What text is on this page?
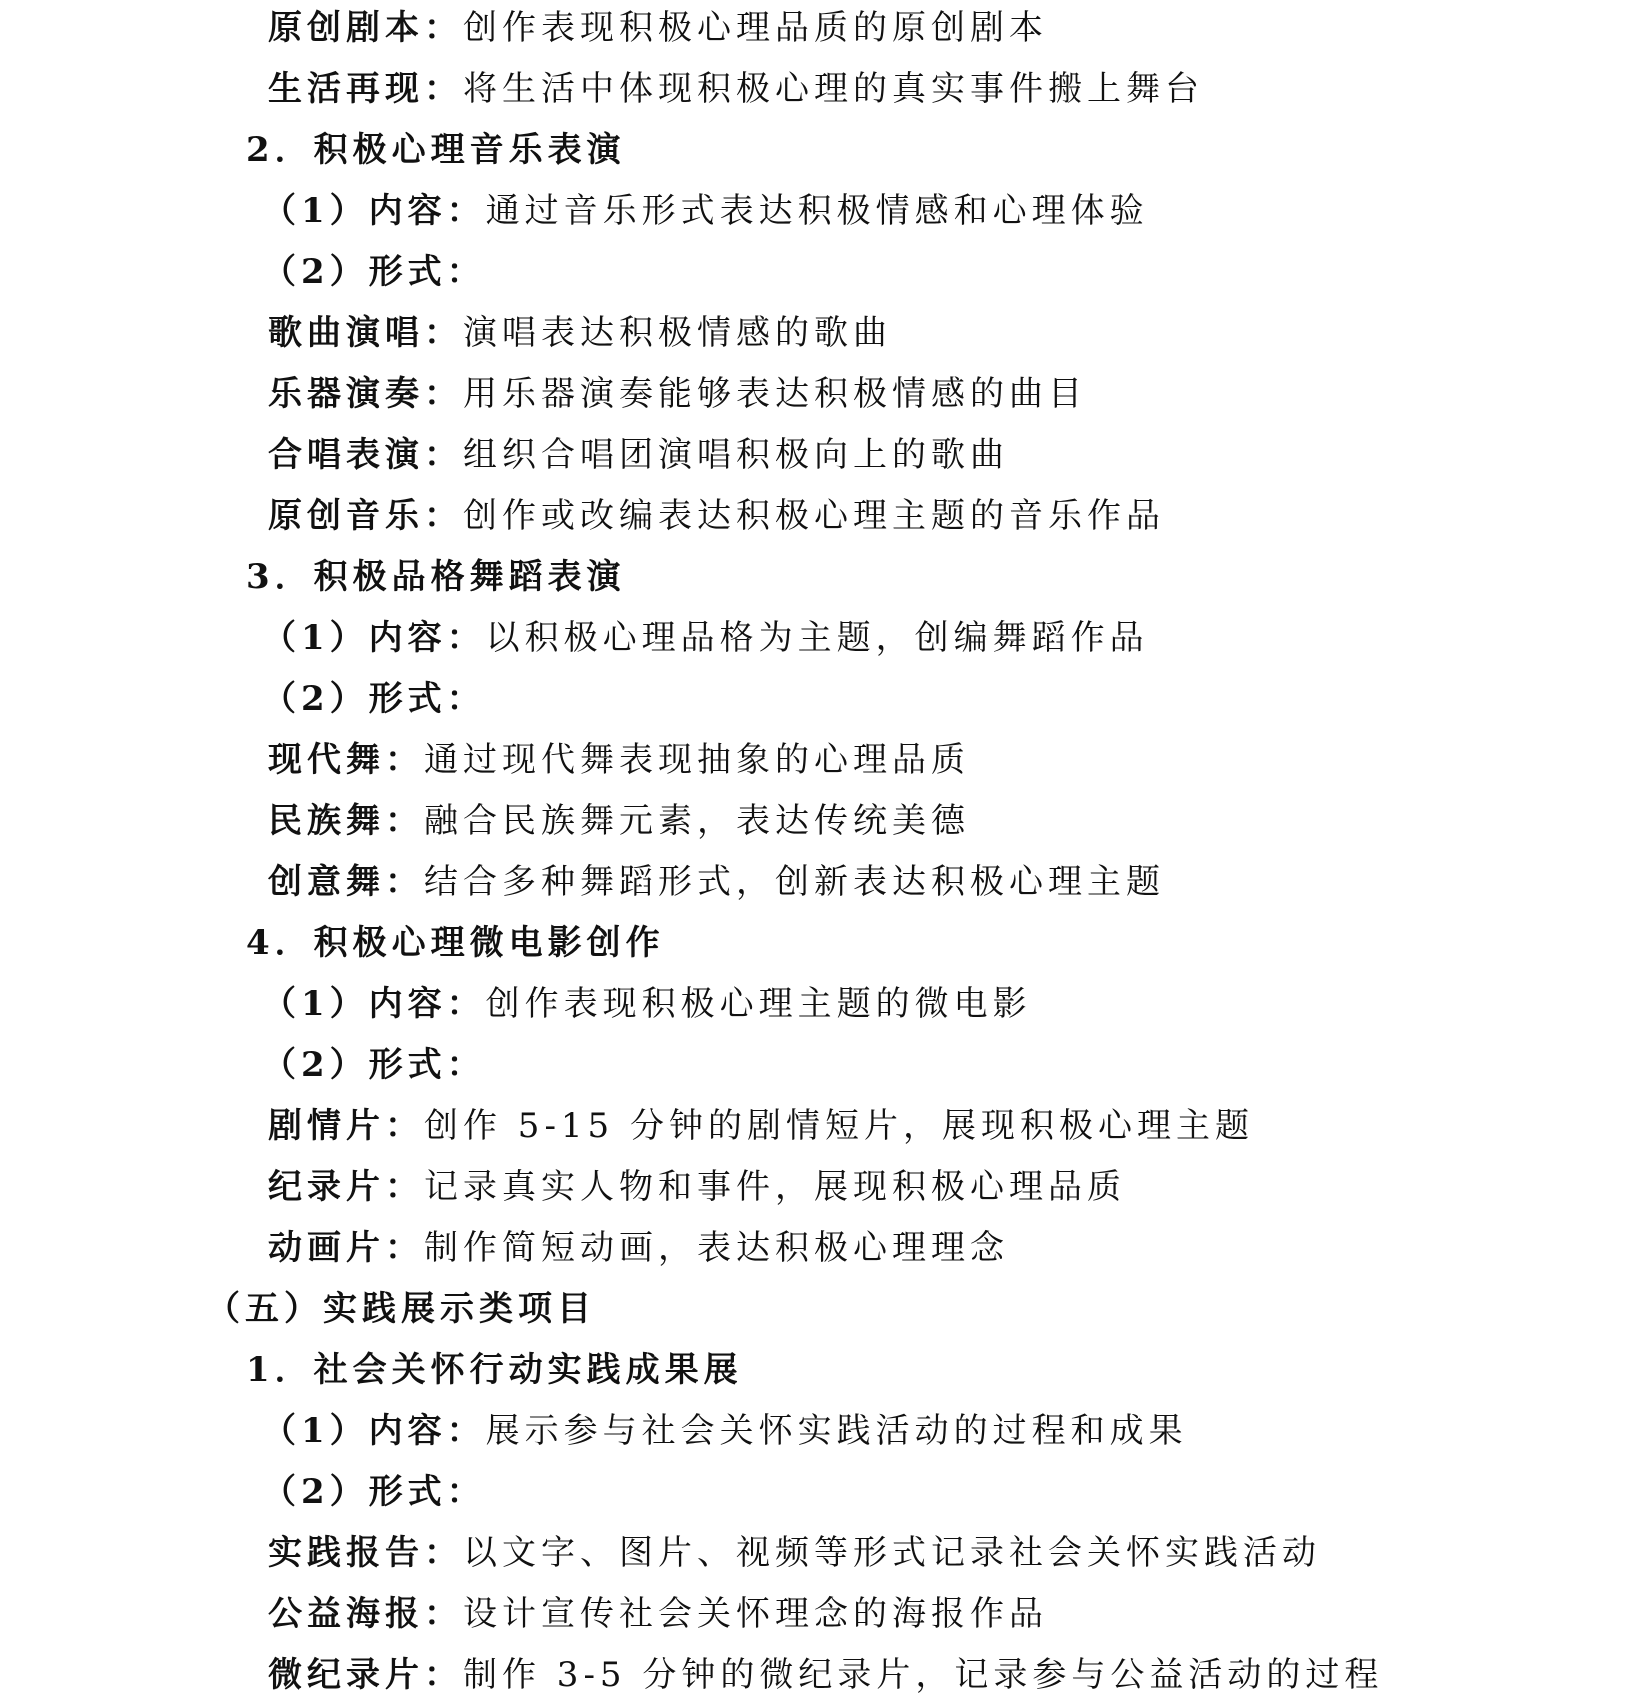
原创剧本：创作表现积极心理品质的原创剧本
生活再现：将生活中体现积极心理的真实事件搬上舞台
2．积极心理音乐表演
（1）内容：通过音乐形式表达积极情感和心理体验
（2）形式：
歌曲演唱：演唱表达积极情感的歌曲
乐器演奏：用乐器演奏能够表达积极情感的曲目
合唱表演：组织合唱团演唱积极向上的歌曲
原创音乐：创作或改编表达积极心理主题的音乐作品
3．积极品格舞蹈表演
（1）内容：以积极心理品格为主题，创编舞蹈作品
（2）形式：
现代舞：通过现代舞表现抽象的心理品质
民族舞：融合民族舞元素，表达传统美德
创意舞：结合多种舞蹈形式，创新表达积极心理主题
4．积极心理微电影创作
（1）内容：创作表现积极心理主题的微电影
（2）形式：
剧情片：创作 5-15 分钟的剧情短片，展现积极心理主题
纪录片：记录真实人物和事件，展现积极心理品质
动画片：制作简短动画，表达积极心理理念
（五）实践展示类项目
1．社会关怀行动实践成果展
（1）内容：展示参与社会关怀实践活动的过程和成果
（2）形式：
实践报告：以文字、图片、视频等形式记录社会关怀实践活动
公益海报：设计宣传社会关怀理念的海报作品
微纪录片：制作 3-5 分钟的微纪录片，记录参与公益活动的过程
